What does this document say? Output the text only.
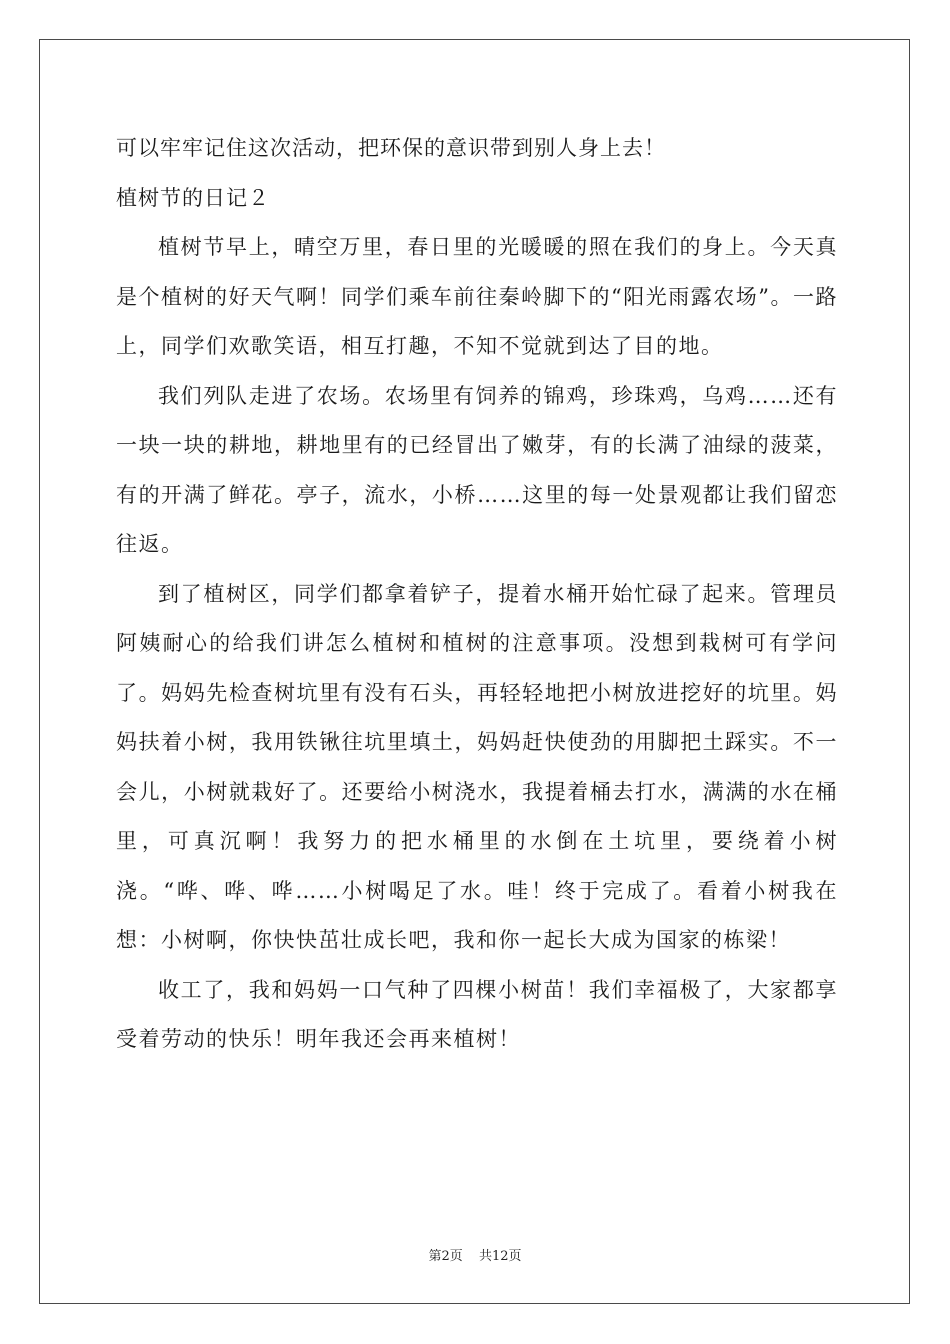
可以牢牢记住这次活动，把环保的意识带到别人身上去！

植树节的日记２

植树节早上，晴空万里，春日里的光暖暖的照在我们的身上。今天真是个植树的好天气啊！同学们乘车前往秦岭脚下的“阳光雨露农场”。一路上，同学们欢歌笑语，相互打趣，不知不觉就到达了目的地。

我们列队走进了农场。农场里有饲养的锦鸡，珍珠鸡，乌鸡……还有一块一块的耕地，耕地里有的已经冒出了嫩芽，有的长满了油绿的菠菜，有的开满了鲜花。亭子，流水，小桥……这里的每一处景观都让我们留恋往返。

到了植树区，同学们都拿着铲子，提着水桶开始忙碌了起来。管理员阿姨耐心的给我们讲怎么植树和植树的注意事项。没想到栽树可有学问了。妈妈先检查树坑里有没有石头，再轻轻地把小树放进挖好的坑里。妈妈扶着小树，我用铁锹往坑里填土，妈妈赶快使劲的用脚把土踩实。不一会儿，小树就栽好了。还要给小树浇水，我提着桶去打水，满满的水在桶里，可真沉啊！我努力的把水桶里的水倒在土坑里，要绕着小树浇。“哗、哗、哗……小树喝足了水。哇！终于完成了。看着小树我在想：小树啊，你快快茁壮成长吧，我和你一起长大成为国家的栋梁！

收工了，我和妈妈一口气种了四棵小树苗！我们幸福极了，大家都享受着劳动的快乐！明年我还会再来植树！

第2页 共12页
